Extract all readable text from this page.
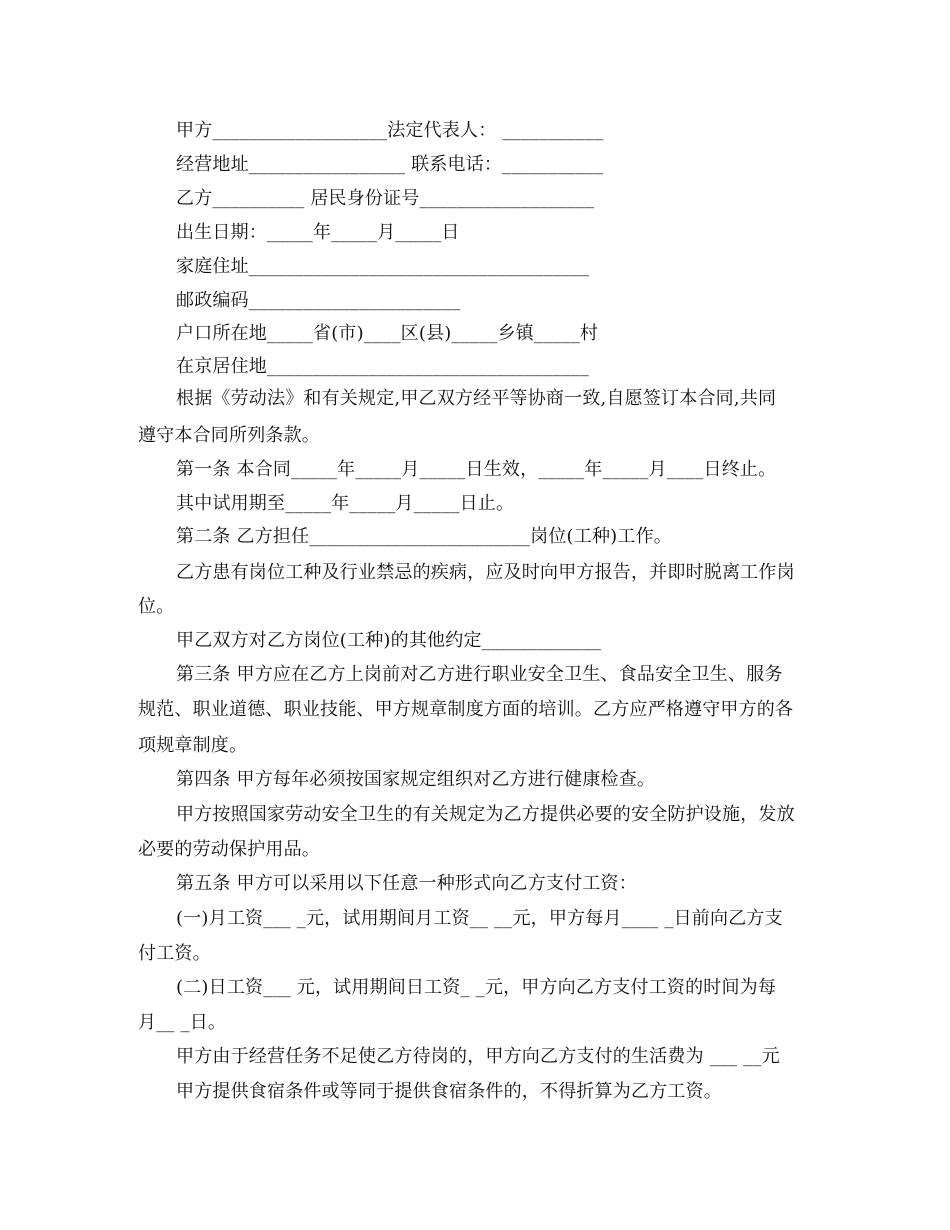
甲方___________________法定代表人： ___________
经营地址_________________ 联系电话：___________
乙方__________ 居民身份证号___________________
出生日期：_____年_____月_____日
家庭住址_____________________________________
邮政编码_______________________
户口所在地_____省(市)____区(县)_____乡镇_____村
在京居住地___________________________________
根据《劳动法》和有关规定,甲乙双方经平等协商一致,自愿签订本合同,共同
遵守本合同所列条款。
第一条 本合同_____年_____月_____日生效，_____年_____月____日终止。
其中试用期至_____年_____月_____日止。
第二条 乙方担任________________________岗位(工种)工作。
乙方患有岗位工种及行业禁忌的疾病，应及时向甲方报告，并即时脱离工作岗
位。
甲乙双方对乙方岗位(工种)的其他约定_____________
第三条 甲方应在乙方上岗前对乙方进行职业安全卫生、食品安全卫生、服务
规范、职业道德、职业技能、甲方规章制度方面的培训。乙方应严格遵守甲方的各
项规章制度。
第四条 甲方每年必须按国家规定组织对乙方进行健康检查。
甲方按照国家劳动安全卫生的有关规定为乙方提供必要的安全防护设施，发放
必要的劳动保护用品。
第五条 甲方可以采用以下任意一种形式向乙方支付工资：
(一)月工资___ _元，试用期间月工资__ __元，甲方每月____ _日前向乙方支
付工资。
(二)日工资___ 元，试用期间日工资_ _元，甲方向乙方支付工资的时间为每
月__ _日。
甲方由于经营任务不足使乙方待岗的，甲方向乙方支付的生活费为 ___ __元
甲方提供食宿条件或等同于提供食宿条件的，不得折算为乙方工资。
